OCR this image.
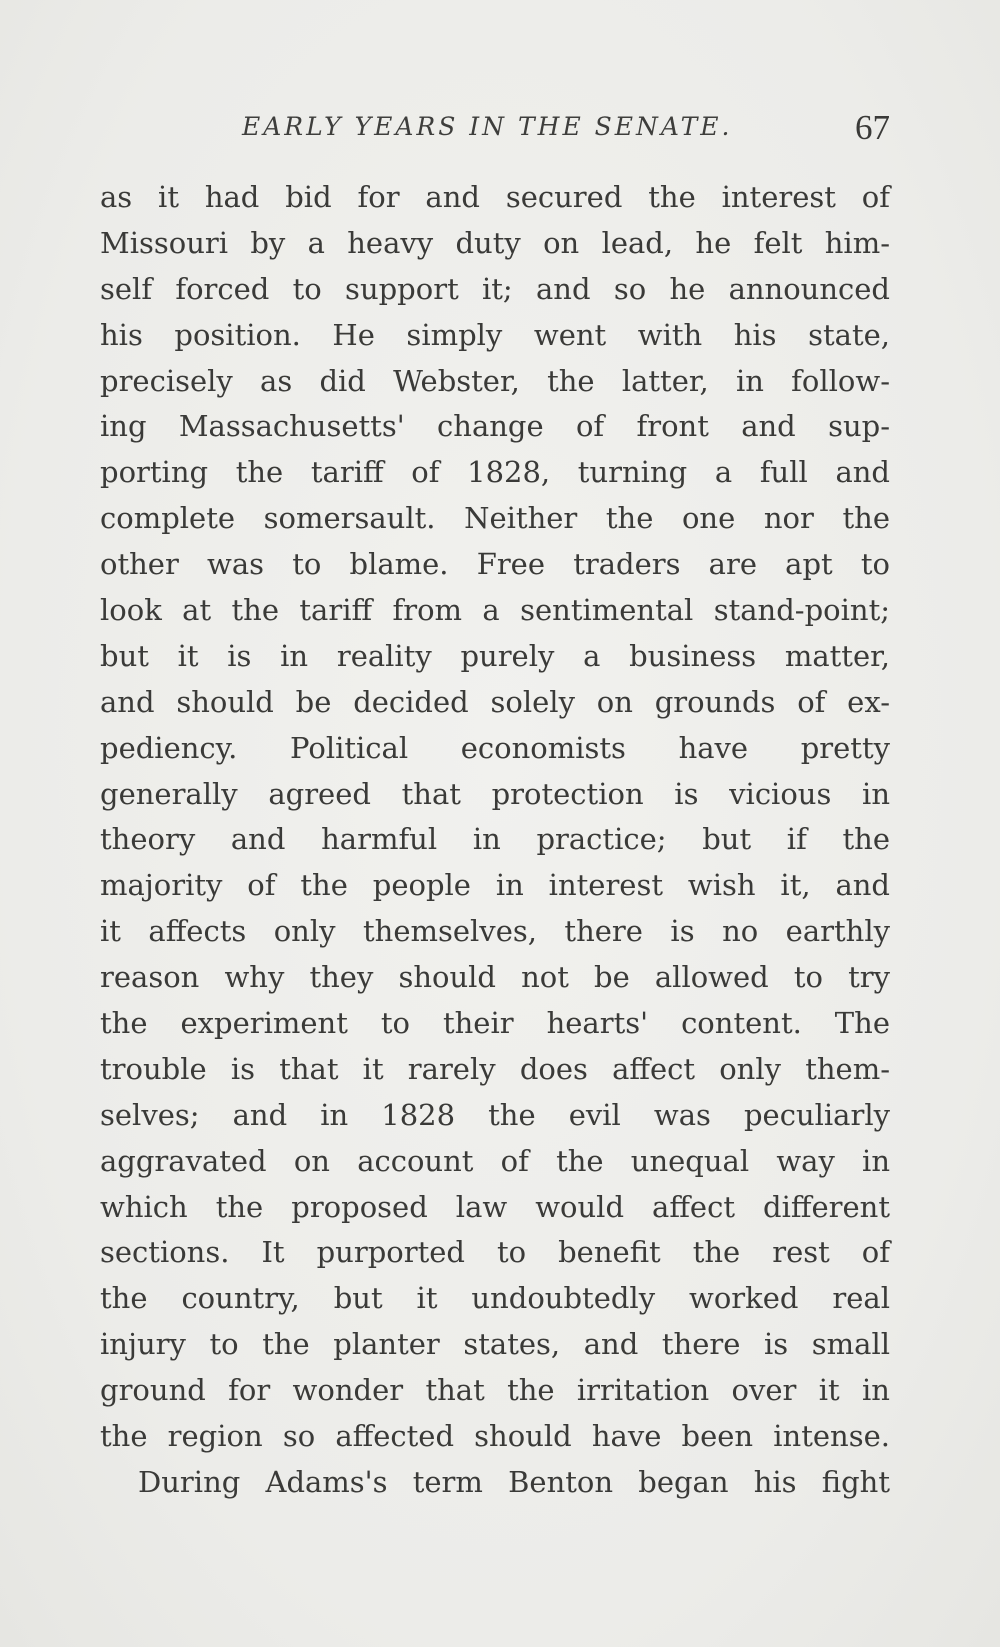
EARLY YEARS IN THE SENATE.	67
as it had bid for and secured the interest of
Missouri by a heavy duty on lead, he felt him-
self forced to support it; and so he announced
his position. He simply went with his state,
precisely as did Webster, the latter, in follow-
ing Massachusetts' change of front and sup-
porting the tariff of 1828, turning a full and
complete somersault. Neither the one nor the
other was to blame. Free traders are apt to
look at the tariff from a sentimental stand-point;
but it is in reality purely a business matter,
and should be decided solely on grounds of ex-
pediency. Political economists have pretty
generally agreed that protection is vicious in
theory and harmful in practice; but if the
majority of the people in interest wish it, and
it affects only themselves, there is no earthly
reason why they should not be allowed to try
the experiment to their hearts' content. The
trouble is that it rarely does affect only them-
selves; and in 1828 the evil was peculiarly
aggravated on account of the unequal way in
which the proposed law would affect different
sections. It purported to benefit the rest of
the country, but it undoubtedly worked real
injury to the planter states, and there is small
ground for wonder that the irritation over it in
the region so affected should have been intense.
During Adams's term Benton began his fight
